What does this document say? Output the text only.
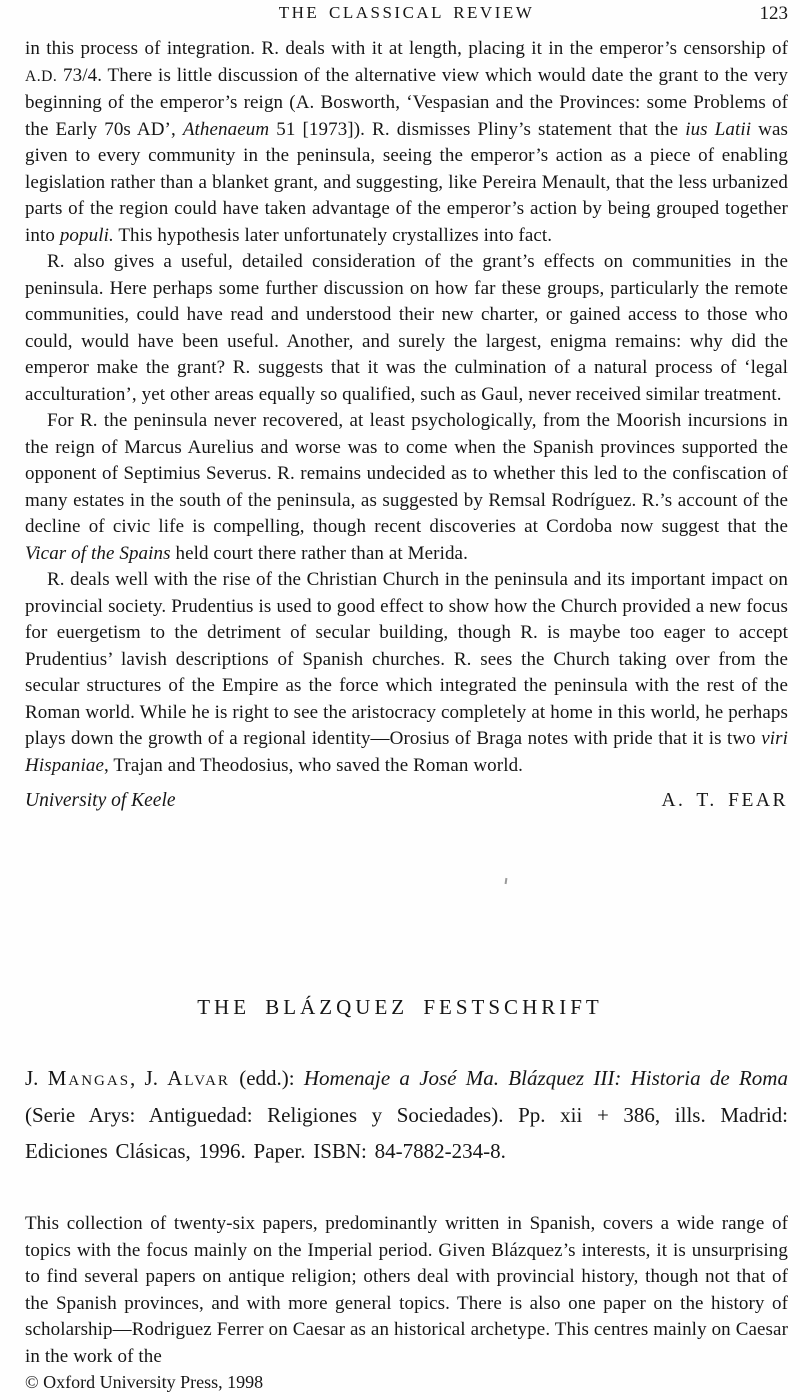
THE CLASSICAL REVIEW	123

in this process of integration. R. deals with it at length, placing it in the emperor’s censorship of A.D. 73/4. There is little discussion of the alternative view which would date the grant to the very beginning of the emperor’s reign (A. Bosworth, ‘Vespasian and the Provinces: some Problems of the Early 70s AD’, Athenaeum 51 [1973]). R. dismisses Pliny’s statement that the ius Latii was given to every community in the peninsula, seeing the emperor’s action as a piece of enabling legislation rather than a blanket grant, and suggesting, like Pereira Menault, that the less urbanized parts of the region could have taken advantage of the emperor’s action by being grouped together into populi. This hypothesis later unfortunately crystallizes into fact.

R. also gives a useful, detailed consideration of the grant’s effects on communities in the peninsula. Here perhaps some further discussion on how far these groups, particularly the remote communities, could have read and understood their new charter, or gained access to those who could, would have been useful. Another, and surely the largest, enigma remains: why did the emperor make the grant? R. suggests that it was the culmination of a natural process of ‘legal acculturation’, yet other areas equally so qualified, such as Gaul, never received similar treatment.

For R. the peninsula never recovered, at least psychologically, from the Moorish incursions in the reign of Marcus Aurelius and worse was to come when the Spanish provinces supported the opponent of Septimius Severus. R. remains undecided as to whether this led to the confiscation of many estates in the south of the peninsula, as suggested by Remsal Rodríguez. R.’s account of the decline of civic life is compelling, though recent discoveries at Cordoba now suggest that the Vicar of the Spains held court there rather than at Merida.

R. deals well with the rise of the Christian Church in the peninsula and its important impact on provincial society. Prudentius is used to good effect to show how the Church provided a new focus for euergetism to the detriment of secular building, though R. is maybe too eager to accept Prudentius’ lavish descriptions of Spanish churches. R. sees the Church taking over from the secular structures of the Empire as the force which integrated the peninsula with the rest of the Roman world. While he is right to see the aristocracy completely at home in this world, he perhaps plays down the growth of a regional identity—Orosius of Braga notes with pride that it is two viri Hispaniae, Trajan and Theodosius, who saved the Roman world.

University of Keele	A. T. FEAR
THE BLÁZQUEZ FESTSCHRIFT

J. Mangas, J. Alvar (edd.): Homenaje a José Ma. Blázquez III: Historia de Roma (Serie Arys: Antiguedad: Religiones y Sociedades). Pp. xii + 386, ills. Madrid: Ediciones Clásicas, 1996. Paper. ISBN: 84-7882-234-8.

This collection of twenty-six papers, predominantly written in Spanish, covers a wide range of topics with the focus mainly on the Imperial period. Given Blázquez’s interests, it is unsurprising to find several papers on antique religion; others deal with provincial history, though not that of the Spanish provinces, and with more general topics. There is also one paper on the history of scholarship—Rodriguez Ferrer on Caesar as an historical archetype. This centres mainly on Caesar in the work of the

© Oxford University Press, 1998
